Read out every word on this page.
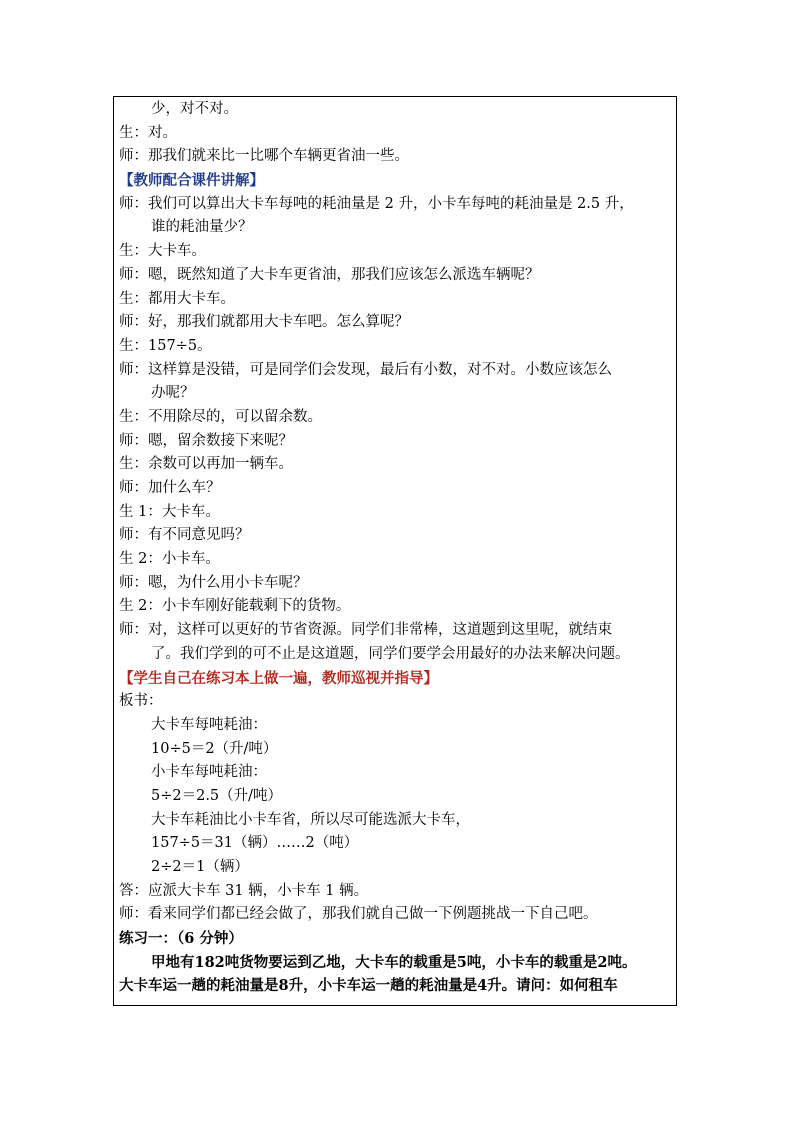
少，对不对。
生：对。
师：那我们就来比一比哪个车辆更省油一些。
【教师配合课件讲解】
师：我们可以算出大卡车每吨的耗油量是 2 升，小卡车每吨的耗油量是 2.5 升，
谁的耗油量少？
生：大卡车。
师：嗯，既然知道了大卡车更省油，那我们应该怎么派选车辆呢？
生：都用大卡车。
师：好，那我们就都用大卡车吧。怎么算呢？
生：157÷5。
师：这样算是没错，可是同学们会发现，最后有小数，对不对。小数应该怎么
办呢？
生：不用除尽的，可以留余数。
师：嗯，留余数接下来呢？
生：余数可以再加一辆车。
师：加什么车？
生 1：大卡车。
师：有不同意见吗？
生 2：小卡车。
师：嗯，为什么用小卡车呢？
生 2：小卡车刚好能载剩下的货物。
师：对，这样可以更好的节省资源。同学们非常棒，这道题到这里呢，就结束
了。我们学到的可不止是这道题，同学们要学会用最好的办法来解决问题。
【学生自己在练习本上做一遍，教师巡视并指导】
板书：
大卡车每吨耗油：
10÷5＝2（升/吨）
小卡车每吨耗油：
5÷2＝2.5（升/吨）
大卡车耗油比小卡车省，所以尽可能选派大卡车，
157÷5＝31（辆）……2（吨）
2÷2＝1（辆）
答：应派大卡车 31 辆，小卡车 1 辆。
师：看来同学们都已经会做了，那我们就自己做一下例题挑战一下自己吧。
练习一：（6 分钟）
甲地有182吨货物要运到乙地，大卡车的载重是5吨，小卡车的载重是2吨。
大卡车运一趟的耗油量是8升，小卡车运一趟的耗油量是4升。请问：如何租车
